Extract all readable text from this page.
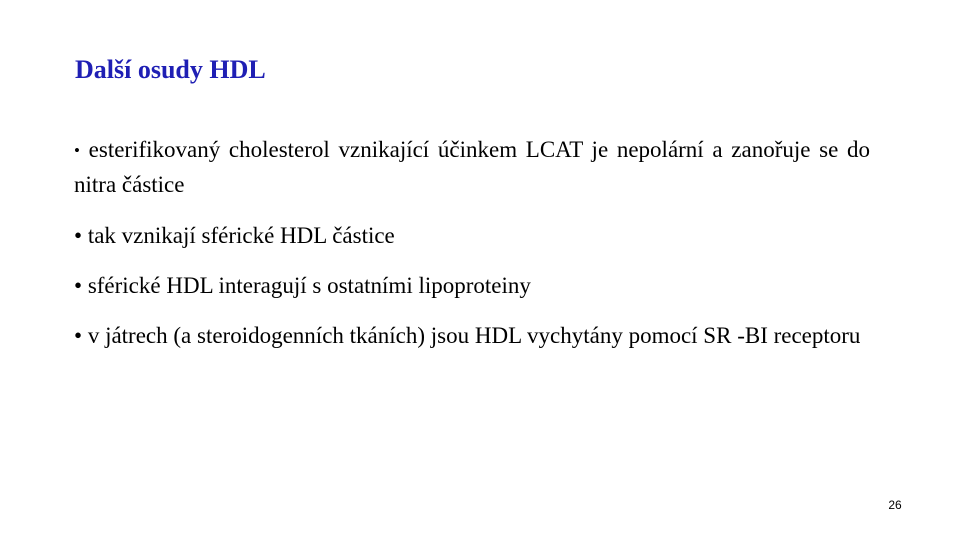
Další osudy HDL

• esterifikovaný cholesterol vznikající účinkem LCAT je nepolární a zanořuje se do nitra částice

• tak vznikají sférické HDL částice

• sférické HDL interagují s ostatními lipoproteiny

• v játrech (a steroidogenních tkáních) jsou HDL vychytány pomocí SR -BI receptoru

26
